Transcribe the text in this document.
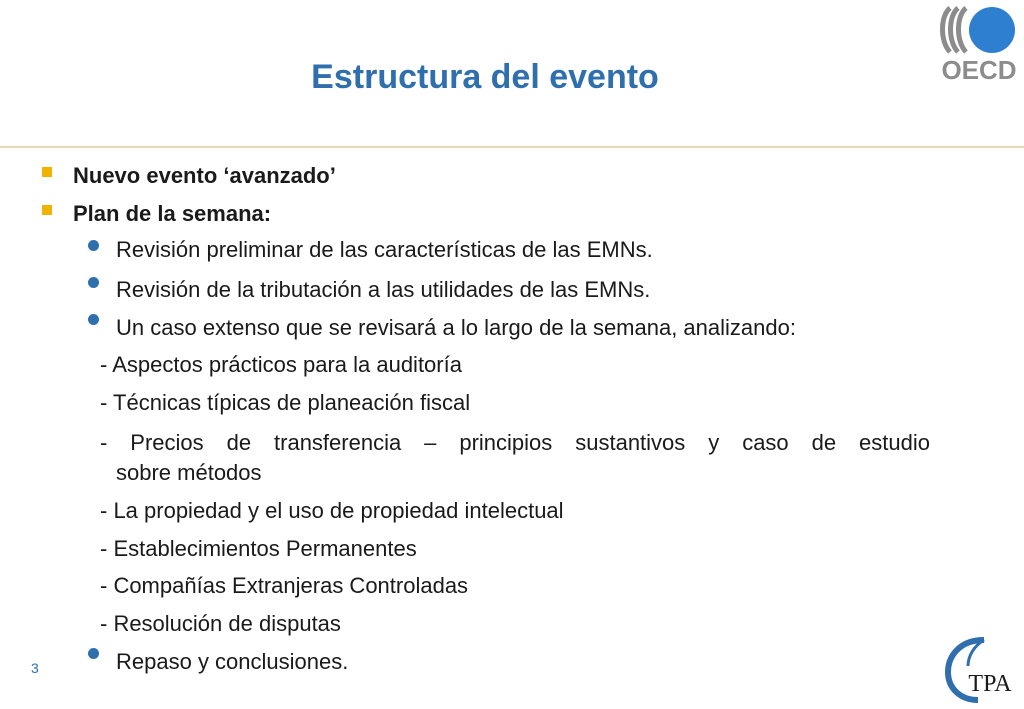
OECD
Estructura del evento
Nuevo evento ‘avanzado’
Plan de la semana:
Revisión preliminar de las características de las EMNs.
Revisión de la tributación a las utilidades de las EMNs.
Un caso extenso que se revisará a lo largo de la semana, analizando:
- Aspectos prácticos para la auditoría
- Técnicas típicas de planeación fiscal
- Precios de transferencia – principios sustantivos y caso de estudio
sobre métodos
- La propiedad y el uso de propiedad intelectual
- Establecimientos Permanentes
- Compañías Extranjeras Controladas
- Resolución de disputas
Repaso y conclusiones.
3
TPA
